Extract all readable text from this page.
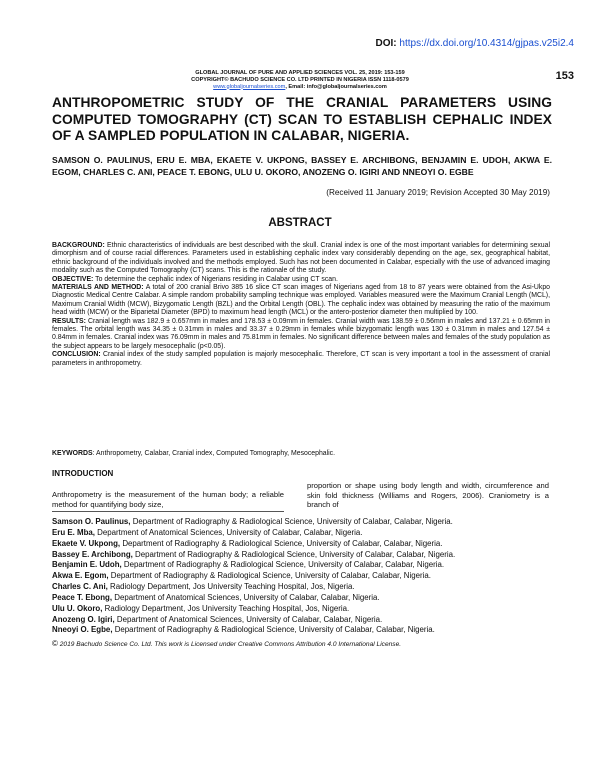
DOI: https://dx.doi.org/10.4314/gjpas.v25i2.4
GLOBAL JOURNAL OF PURE AND APPLIED SCIENCES VOL. 25, 2019: 153-159
COPYRIGHT© BACHUDO SCIENCE CO. LTD PRINTED IN NIGERIA ISSN 1118-0579
www.globaljournalseries.com, Email: info@globaljournalseries.com
153
ANTHROPOMETRIC STUDY OF THE CRANIAL PARAMETERS USING COMPUTED TOMOGRAPHY (CT) SCAN TO ESTABLISH CEPHALIC INDEX OF A SAMPLED POPULATION IN CALABAR, NIGERIA.
SAMSON O. PAULINUS, ERU E. MBA, EKAETE V. UKPONG, BASSEY E. ARCHIBONG, BENJAMIN E. UDOH, AKWA E. EGOM, CHARLES C. ANI, PEACE T. EBONG, ULU U. OKORO, ANOZENG O. IGIRI AND NNEOYI O. EGBE
(Received 11 January 2019; Revision Accepted 30 May 2019)
ABSTRACT

BACKGROUND: Ethnic characteristics of individuals are best described with the skull. Cranial index is one of the most important variables for determining sexual dimorphism and of course racial differences. Parameters used in establishing cephalic index vary considerably depending on the age, sex, geographical habitat, ethnic background of the individuals involved and the methods employed. Such has not been documented in Calabar, especially with the use of advanced imaging modality such as the Computed Tomography (CT) scans. This is the rationale of the study.

OBJECTIVE: To determine the cephalic index of Nigerians residing in Calabar using CT scan.

MATERIALS AND METHOD: A total of 200 cranial Brivo 385 16 slice CT scan images of Nigerians aged from 18 to 87 years were obtained from the Asi-Ukpo Diagnostic Medical Centre Calabar. A simple random probability sampling technique was employed. Variables measured were the Maximum Cranial Length (MCL), Maximum Cranial Width (MCW), Bizygomatic Length (BZL) and the Orbital Length (OBL). The cephalic index was obtained by measuring the ratio of the maximum head width (MCW) or the Biparietal Diameter (BPD) to maximum head length (MCL) or the antero-posterior diameter then multiplied by 100.

RESULTS: Cranial length was 182.9 ± 0.657mm in males and 178.53 ± 0.09mm in females. Cranial width was 138.59 ± 0.56mm in males and 137.21 ± 0.65mm in females. The orbital length was 34.35 ± 0.31mm in males and 33.37 ± 0.29mm in females while bizygomatic length was 130 ± 0.31mm in males and 127.54 ± 0.84mm in females. Cranial index was 76.09mm in males and 75.81mm in females. No significant difference between males and females of the study population as the subject appears to be largely mesocephalic (p<0.05).

CONCLUSION: Cranial index of the study sampled population is majorly mesocephalic. Therefore, CT scan is very important a tool in the assessment of cranial parameters in anthropometry.

KEYWORDS: Anthropometry, Calabar, Cranial index, Computed Tomography, Mesocephalic.
INTRODUCTION
Anthropometry is the measurement of the human body; a reliable method for quantifying body size,
proportion or shape using body length and width, circumference and skin fold thickness (Williams and Rogers, 2006). Craniometry is a branch of
Samson O. Paulinus, Department of Radiography & Radiological Science, University of Calabar, Calabar, Nigeria.
Eru E. Mba, Department of Anatomical Sciences, University of Calabar, Calabar, Nigeria.
Ekaete V. Ukpong, Department of Radiography & Radiological Science, University of Calabar, Calabar, Nigeria.
Bassey E. Archibong, Department of Radiography & Radiological Science, University of Calabar, Calabar, Nigeria.
Benjamin E. Udoh, Department of Radiography & Radiological Science, University of Calabar, Calabar, Nigeria.
Akwa E. Egom, Department of Radiography & Radiological Science, University of Calabar, Calabar, Nigeria.
Charles C. Ani, Radiology Department, Jos University Teaching Hospital, Jos, Nigeria.
Peace T. Ebong, Department of Anatomical Sciences, University of Calabar, Calabar, Nigeria.
Ulu U. Okoro, Radiology Department, Jos University Teaching Hospital, Jos, Nigeria.
Anozeng O. Igiri, Department of Anatomical Sciences, University of Calabar, Calabar, Nigeria.
Nneoyi O. Egbe, Department of Radiography & Radiological Science, University of Calabar, Calabar, Nigeria.
© 2019 Bachudo Science Co. Ltd. This work is Licensed under Creative Commons Attribution 4.0 International License.
